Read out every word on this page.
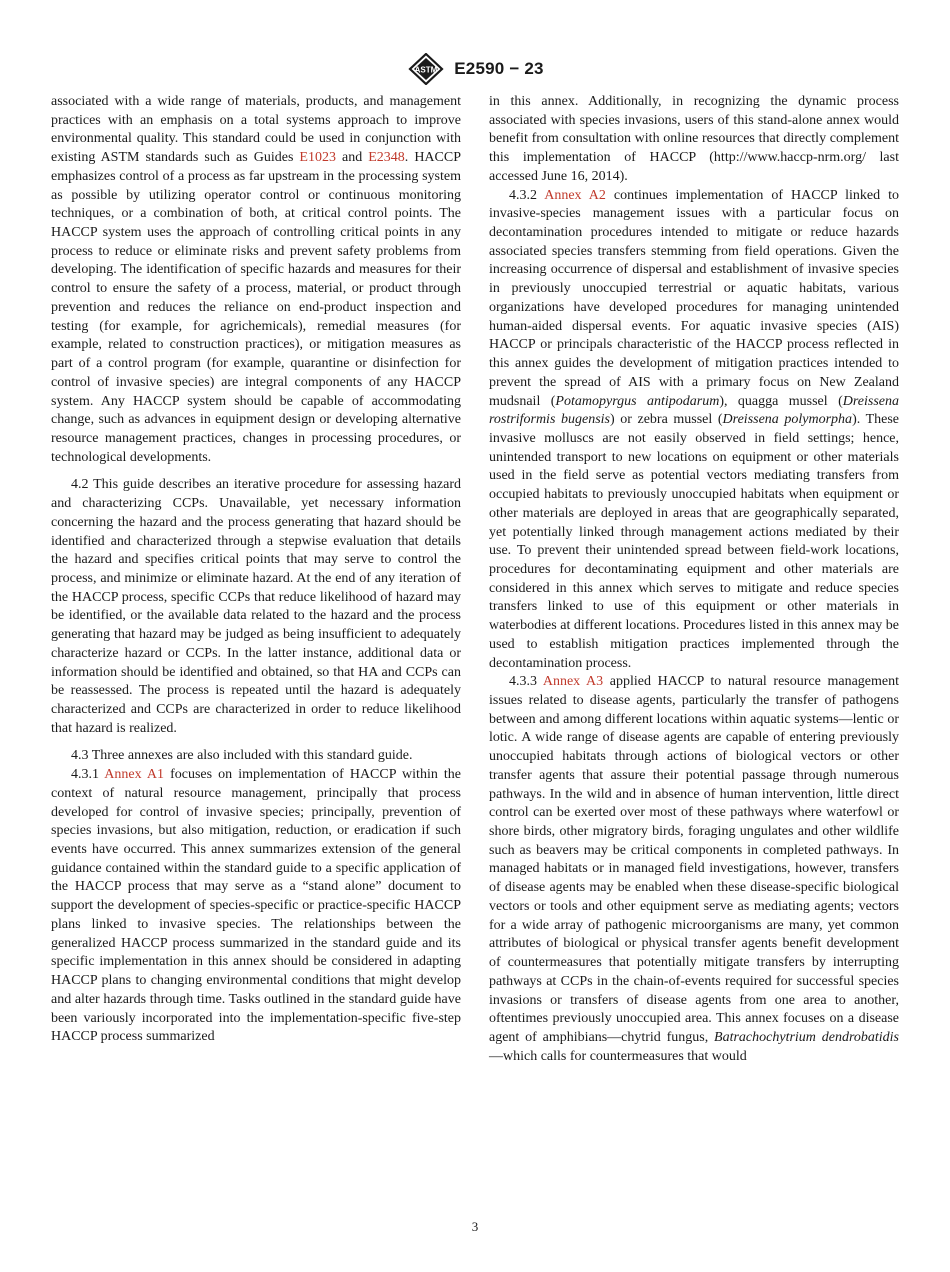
ASTM E2590 − 23

associated with a wide range of materials, products, and management practices with an emphasis on a total systems approach to improve environmental quality. This standard could be used in conjunction with existing ASTM standards such as Guides E1023 and E2348. HACCP emphasizes control of a process as far upstream in the processing system as possible by utilizing operator control or continuous monitoring techniques, or a combination of both, at critical control points. The HACCP system uses the approach of controlling critical points in any process to reduce or eliminate risks and prevent safety problems from developing. The identification of specific hazards and measures for their control to ensure the safety of a process, material, or product through prevention and reduces the reliance on end-product inspection and testing (for example, for agrichemicals), remedial measures (for example, related to construction practices), or mitigation measures as part of a control program (for example, quarantine or disinfection for control of invasive species) are integral components of any HACCP system. Any HACCP system should be capable of accommodating change, such as advances in equipment design or developing alternative resource management practices, changes in processing procedures, or technological developments.

4.2 This guide describes an iterative procedure for assessing hazard and characterizing CCPs. Unavailable, yet necessary information concerning the hazard and the process generating that hazard should be identified and characterized through a stepwise evaluation that details the hazard and specifies critical points that may serve to control the process, and minimize or eliminate hazard. At the end of any iteration of the HACCP process, specific CCPs that reduce likelihood of hazard may be identified, or the available data related to the hazard and the process generating that hazard may be judged as being insufficient to adequately characterize hazard or CCPs. In the latter instance, additional data or information should be identified and obtained, so that HA and CCPs can be reassessed. The process is repeated until the hazard is adequately characterized and CCPs are characterized in order to reduce likelihood that hazard is realized.

4.3 Three annexes are also included with this standard guide.

4.3.1 Annex A1 focuses on implementation of HACCP within the context of natural resource management, principally that process developed for control of invasive species; principally, prevention of species invasions, but also mitigation, reduction, or eradication if such events have occurred. This annex summarizes extension of the general guidance contained within the standard guide to a specific application of the HACCP process that may serve as a “stand alone” document to support the development of species-specific or practice-specific HACCP plans linked to invasive species. The relationships between the generalized HACCP process summarized in the standard guide and its specific implementation in this annex should be considered in adapting HACCP plans to changing environmental conditions that might develop and alter hazards through time. Tasks outlined in the standard guide have been variously incorporated into the implementation-specific five-step HACCP process summarized

in this annex. Additionally, in recognizing the dynamic process associated with species invasions, users of this stand-alone annex would benefit from consultation with online resources that directly complement this implementation of HACCP (http://www.haccp-nrm.org/ last accessed June 16, 2014).

4.3.2 Annex A2 continues implementation of HACCP linked to invasive-species management issues with a particular focus on decontamination procedures intended to mitigate or reduce hazards associated species transfers stemming from field operations. Given the increasing occurrence of dispersal and establishment of invasive species in previously unoccupied terrestrial or aquatic habitats, various organizations have developed procedures for managing unintended human-aided dispersal events. For aquatic invasive species (AIS) HACCP or principals characteristic of the HACCP process reflected in this annex guides the development of mitigation practices intended to prevent the spread of AIS with a primary focus on New Zealand mudsnail (Potamopyrgus antipodarum), quagga mussel (Dreissena rostriformis bugensis) or zebra mussel (Dreissena polymorpha). These invasive molluscs are not easily observed in field settings; hence, unintended transport to new locations on equipment or other materials used in the field serve as potential vectors mediating transfers from occupied habitats to previously unoccupied habitats when equipment or other materials are deployed in areas that are geographically separated, yet potentially linked through management actions mediated by their use. To prevent their unintended spread between field-work locations, procedures for decontaminating equipment and other materials are considered in this annex which serves to mitigate and reduce species transfers linked to use of this equipment or other materials in waterbodies at different locations. Procedures listed in this annex may be used to establish mitigation practices implemented through the decontamination process.

4.3.3 Annex A3 applied HACCP to natural resource management issues related to disease agents, particularly the transfer of pathogens between and among different locations within aquatic systems—lentic or lotic. A wide range of disease agents are capable of entering previously unoccupied habitats through actions of biological vectors or other transfer agents that assure their potential passage through numerous pathways. In the wild and in absence of human intervention, little direct control can be exerted over most of these pathways where waterfowl or shore birds, other migratory birds, foraging ungulates and other wildlife such as beavers may be critical components in completed pathways. In managed habitats or in managed field investigations, however, transfers of disease agents may be enabled when these disease-specific biological vectors or tools and other equipment serve as mediating agents; vectors for a wide array of pathogenic microorganisms are many, yet common attributes of biological or physical transfer agents benefit development of countermeasures that potentially mitigate transfers by interrupting pathways at CCPs in the chain-of-events required for successful species invasions or transfers of disease agents from one area to another, oftentimes previously unoccupied area. This annex focuses on a disease agent of amphibians—chytrid fungus, Batrachochytrium dendrobatidis—which calls for countermeasures that would

3
